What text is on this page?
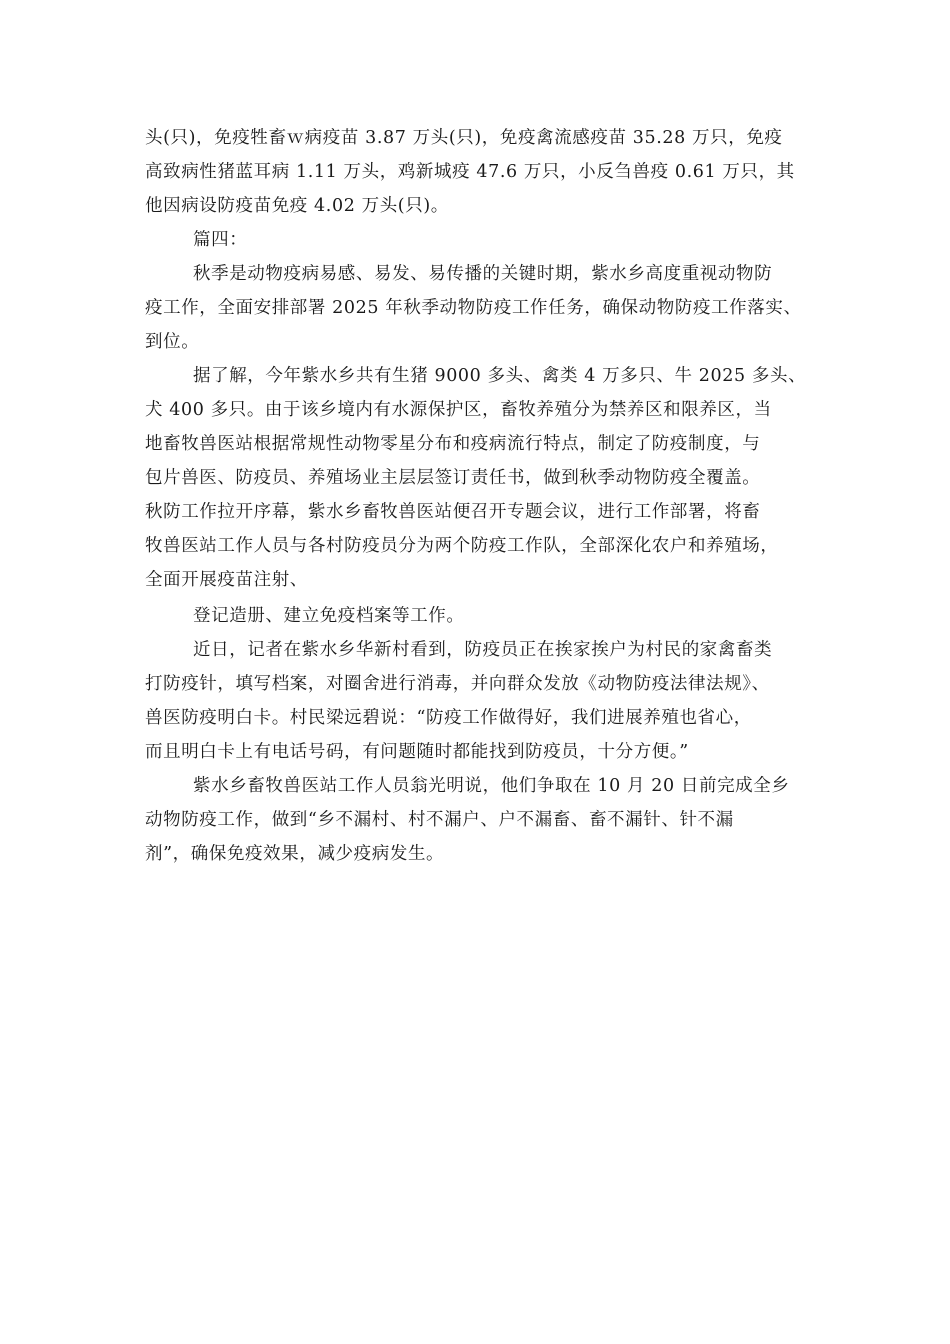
头(只)，免疫牲畜ｗ病疫苗 3.87 万头(只)，免疫禽流感疫苗 35.28 万只，免疫
高致病性猪蓝耳病 1.11 万头，鸡新城疫 47.6 万只，小反刍兽疫 0.61 万只，其
他因病设防疫苗免疫 4.02 万头(只)。
篇四：
秋季是动物疫病易感、易发、易传播的关键时期，紫水乡高度重视动物防
疫工作，全面安排部署 2025 年秋季动物防疫工作任务，确保动物防疫工作落实、
到位。
据了解，今年紫水乡共有生猪 9000 多头、禽类 4 万多只、牛 2025 多头、
犬 400 多只。由于该乡境内有水源保护区，畜牧养殖分为禁养区和限养区，当
地畜牧兽医站根据常规性动物零星分布和疫病流行特点，制定了防疫制度，与
包片兽医、防疫员、养殖场业主层层签订责任书，做到秋季动物防疫全覆盖。
秋防工作拉开序幕，紫水乡畜牧兽医站便召开专题会议，进行工作部署，将畜
牧兽医站工作人员与各村防疫员分为两个防疫工作队，全部深化农户和养殖场，
全面开展疫苗注射、
登记造册、建立免疫档案等工作。
近日，记者在紫水乡华新村看到，防疫员正在挨家挨户为村民的家禽畜类
打防疫针，填写档案，对圈舍进行消毒，并向群众发放《动物防疫法律法规》、
兽医防疫明白卡。村民梁远碧说：“防疫工作做得好，我们进展养殖也省心，
而且明白卡上有电话号码，有问题随时都能找到防疫员，十分方便。”
紫水乡畜牧兽医站工作人员翁光明说，他们争取在 10 月 20 日前完成全乡
动物防疫工作，做到“乡不漏村、村不漏户、户不漏畜、畜不漏针、针不漏
剂”，确保免疫效果，减少疫病发生。
